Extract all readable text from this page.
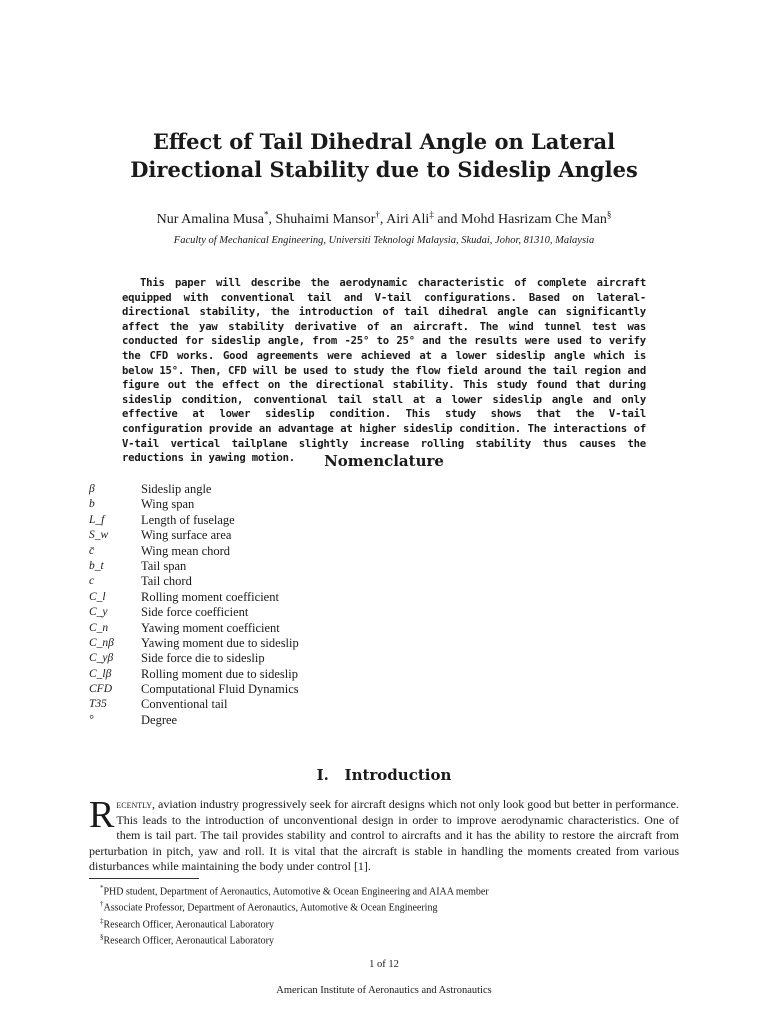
Effect of Tail Dihedral Angle on Lateral Directional Stability due to Sideslip Angles
Nur Amalina Musa*, Shuhaimi Mansor†, Airi Ali‡ and Mohd Hasrizam Che Man§
Faculty of Mechanical Engineering, Universiti Teknologi Malaysia, Skudai, Johor, 81310, Malaysia
This paper will describe the aerodynamic characteristic of complete aircraft equipped with conventional tail and V-tail configurations. Based on lateral-directional stability, the introduction of tail dihedral angle can significantly affect the yaw stability derivative of an aircraft. The wind tunnel test was conducted for sideslip angle, from -25° to 25° and the results were used to verify the CFD works. Good agreements were achieved at a lower sideslip angle which is below 15°. Then, CFD will be used to study the flow field around the tail region and figure out the effect on the directional stability. This study found that during sideslip condition, conventional tail stall at a lower sideslip angle and only effective at lower sideslip condition. This study shows that the V-tail configuration provide an advantage at higher sideslip condition. The interactions of V-tail vertical tailplane slightly increase rolling stability thus causes the reductions in yawing motion.	Nomenclature
β	Sideslip angle
b	Wing span
L_f	Length of fuselage
S_w	Wing surface area
c̄	Wing mean chord
b_t	Tail span
c	Tail chord
C_l	Rolling moment coefficient
C_y	Side force coefficient
C_n	Yawing moment coefficient
C_nβ	Yawing moment due to sideslip
C_yβ	Side force die to sideslip
C_lβ	Rolling moment due to sideslip
CFD	Computational Fluid Dynamics
T35	Conventional tail
°	Degree
I. Introduction
Recently, aviation industry progressively seek for aircraft designs which not only look good but better in performance. This leads to the introduction of unconventional design in order to improve aerodynamic characteristics. One of them is tail part. The tail provides stability and control to aircrafts and it has the ability to restore the aircraft from perturbation in pitch, yaw and roll. It is vital that the aircraft is stable in handling the moments created from various disturbances while maintaining the body under control [1].
*PHD student, Department of Aeronautics, Automotive & Ocean Engineering and AIAA member
†Associate Professor, Department of Aeronautics, Automotive & Ocean Engineering
‡Research Officer, Aeronautical Laboratory
§Research Officer, Aeronautical Laboratory
1 of 12
American Institute of Aeronautics and Astronautics
